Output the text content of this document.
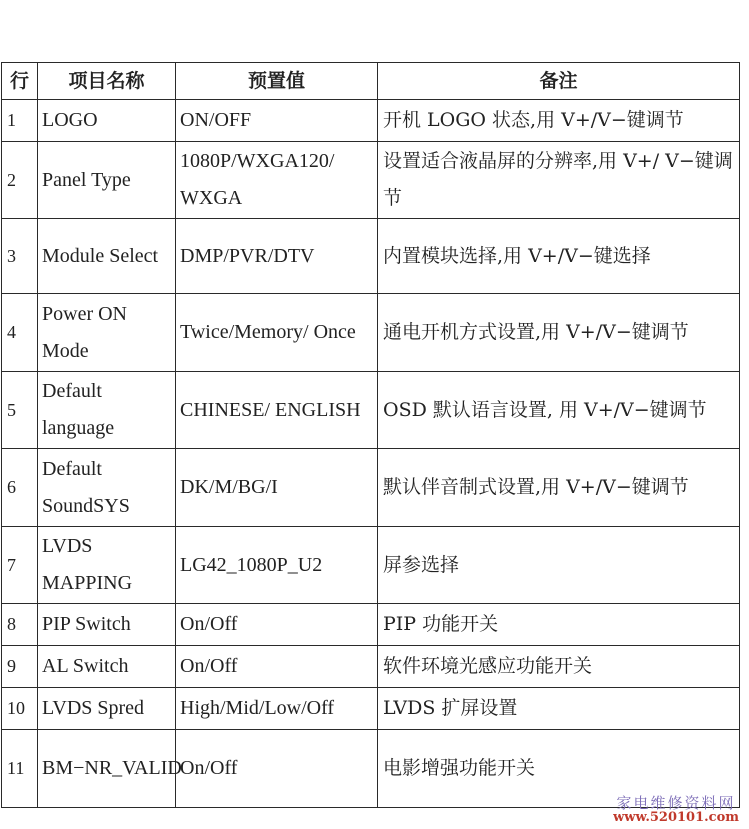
行	项目名称	预置值	备注
1	LOGO	ON/OFF	开机 LOGO 状态,用 V+/V−键调节
2	Panel Type	1080P/WXGA120/ WXGA	设置适合液晶屏的分辨率,用 V+/ V−键调节
3	Module Select	DMP/PVR/DTV	内置模块选择,用 V+/V−键选择
4	Power ON Mode	Twice/Memory/ Once	通电开机方式设置,用 V+/V−键调节
5	Default language	CHINESE/ ENGLISH	OSD 默认语言设置, 用 V+/V−键调节
6	Default SoundSYS	DK/M/BG/I	默认伴音制式设置,用 V+/V−键调节
7	LVDS MAPPING	LG42_1080P_U2	屏参选择
8	PIP Switch	On/Off	PIP 功能开关
9	AL Switch	On/Off	软件环境光感应功能开关
10	LVDS Spred	High/Mid/Low/Off	LVDS 扩屏设置
11	BM−NR_VALID	On/Off	电影增强功能开关
家电维修资料网
www.520101.com
